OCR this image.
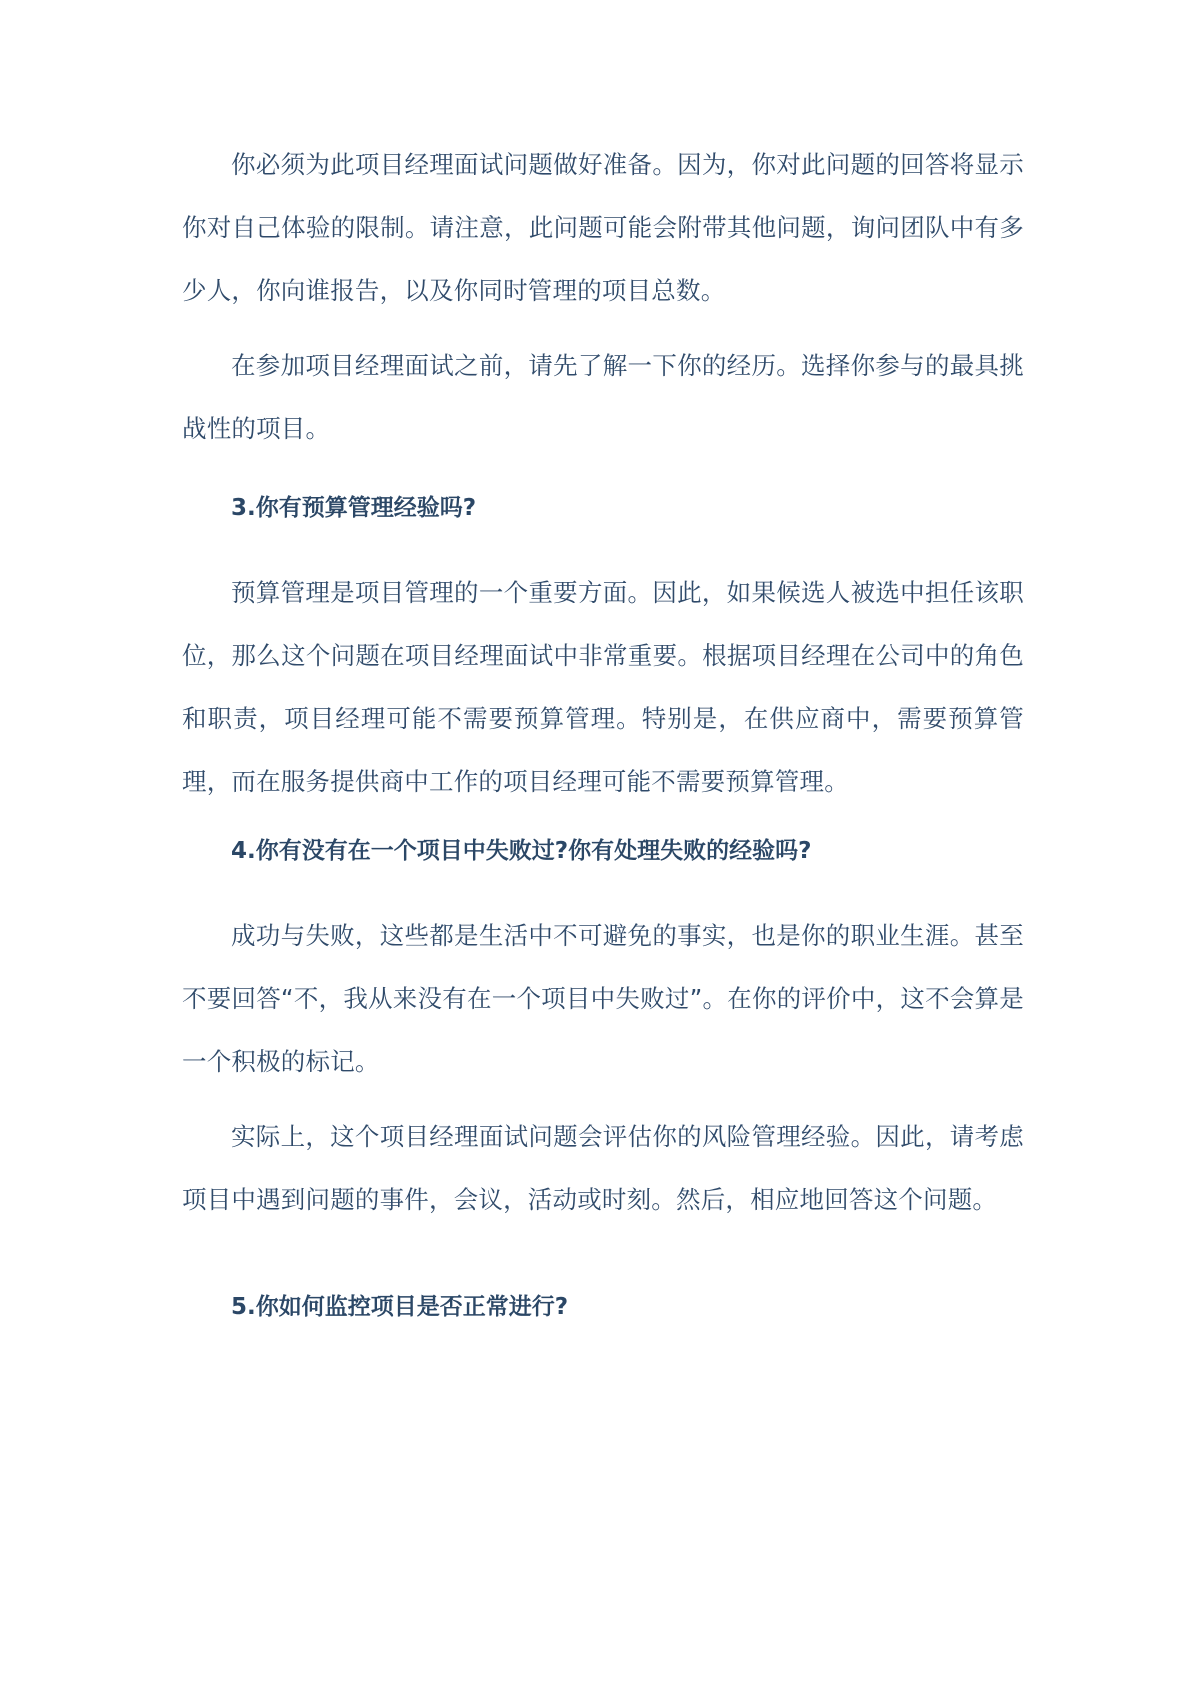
你必须为此项目经理面试问题做好准备。因为，你对此问题的回答将显示你对自己体验的限制。请注意，此问题可能会附带其他问题，询问团队中有多少人，你向谁报告，以及你同时管理的项目总数。

在参加项目经理面试之前，请先了解一下你的经历。选择你参与的最具挑战性的项目。

3.你有预算管理经验吗?

预算管理是项目管理的一个重要方面。因此，如果候选人被选中担任该职位，那么这个问题在项目经理面试中非常重要。根据项目经理在公司中的角色和职责，项目经理可能不需要预算管理。特别是，在供应商中，需要预算管理，而在服务提供商中工作的项目经理可能不需要预算管理。

4.你有没有在一个项目中失败过?你有处理失败的经验吗?

成功与失败，这些都是生活中不可避免的事实，也是你的职业生涯。甚至不要回答“不，我从来没有在一个项目中失败过”。在你的评价中，这不会算是一个积极的标记。

实际上，这个项目经理面试问题会评估你的风险管理经验。因此，请考虑项目中遇到问题的事件，会议，活动或时刻。然后，相应地回答这个问题。

5.你如何监控项目是否正常进行?
